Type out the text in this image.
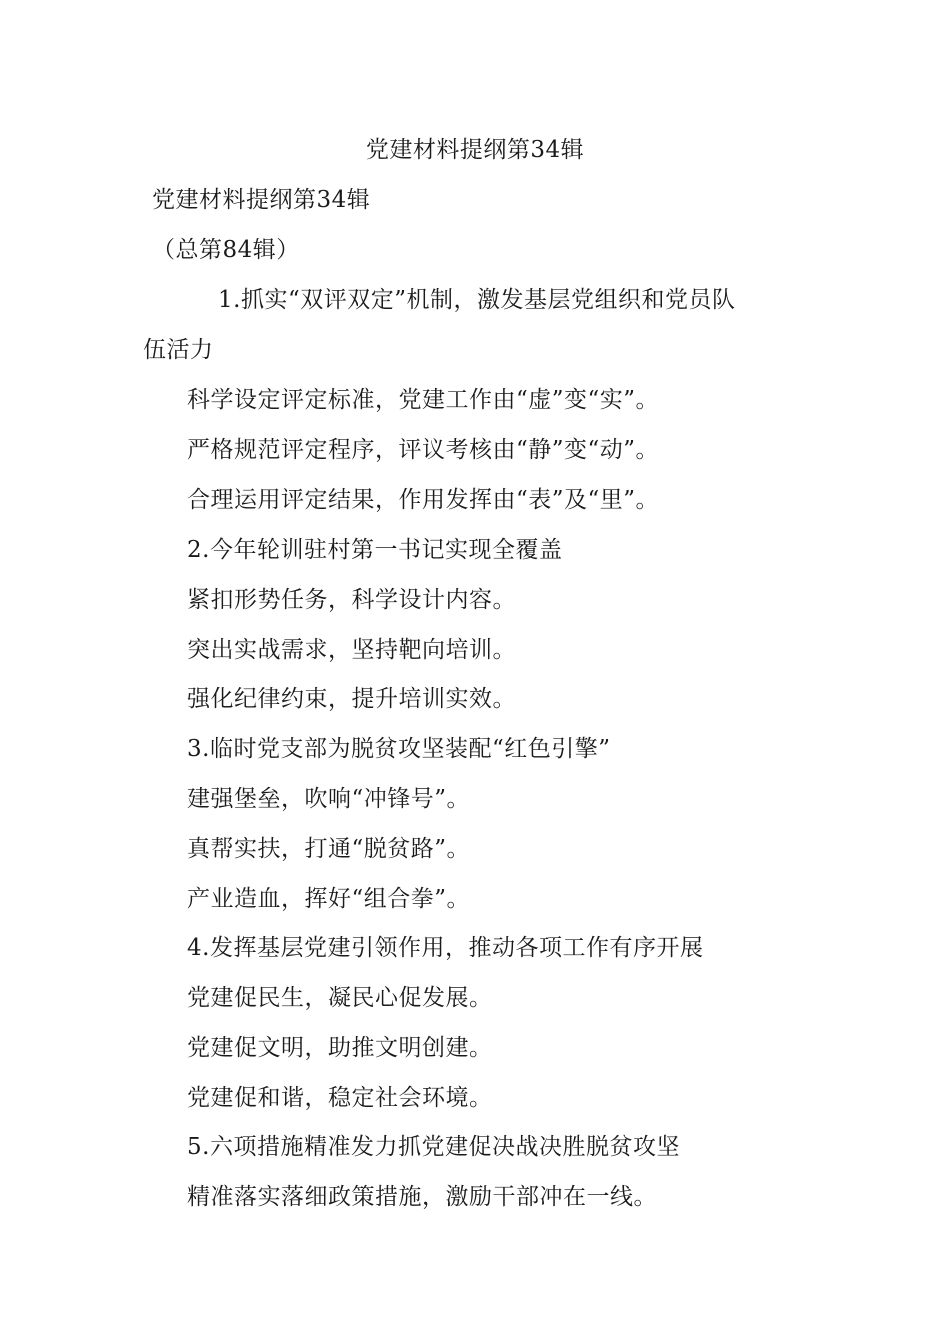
党建材料提纲第34辑
党建材料提纲第34辑
（总第84辑）
1.抓实“双评双定”机制，激发基层党组织和党员队
伍活力
科学设定评定标准，党建工作由“虚”变“实”。
严格规范评定程序，评议考核由“静”变“动”。
合理运用评定结果，作用发挥由“表”及“里”。
2.今年轮训驻村第一书记实现全覆盖
紧扣形势任务，科学设计内容。
突出实战需求，坚持靶向培训。
强化纪律约束，提升培训实效。
3.临时党支部为脱贫攻坚装配“红色引擎”
建强堡垒，吹响“冲锋号”。
真帮实扶，打通“脱贫路”。
产业造血，挥好“组合拳”。
4.发挥基层党建引领作用，推动各项工作有序开展
党建促民生，凝民心促发展。
党建促文明，助推文明创建。
党建促和谐，稳定社会环境。
5.六项措施精准发力抓党建促决战决胜脱贫攻坚
精准落实落细政策措施，激励干部冲在一线。
